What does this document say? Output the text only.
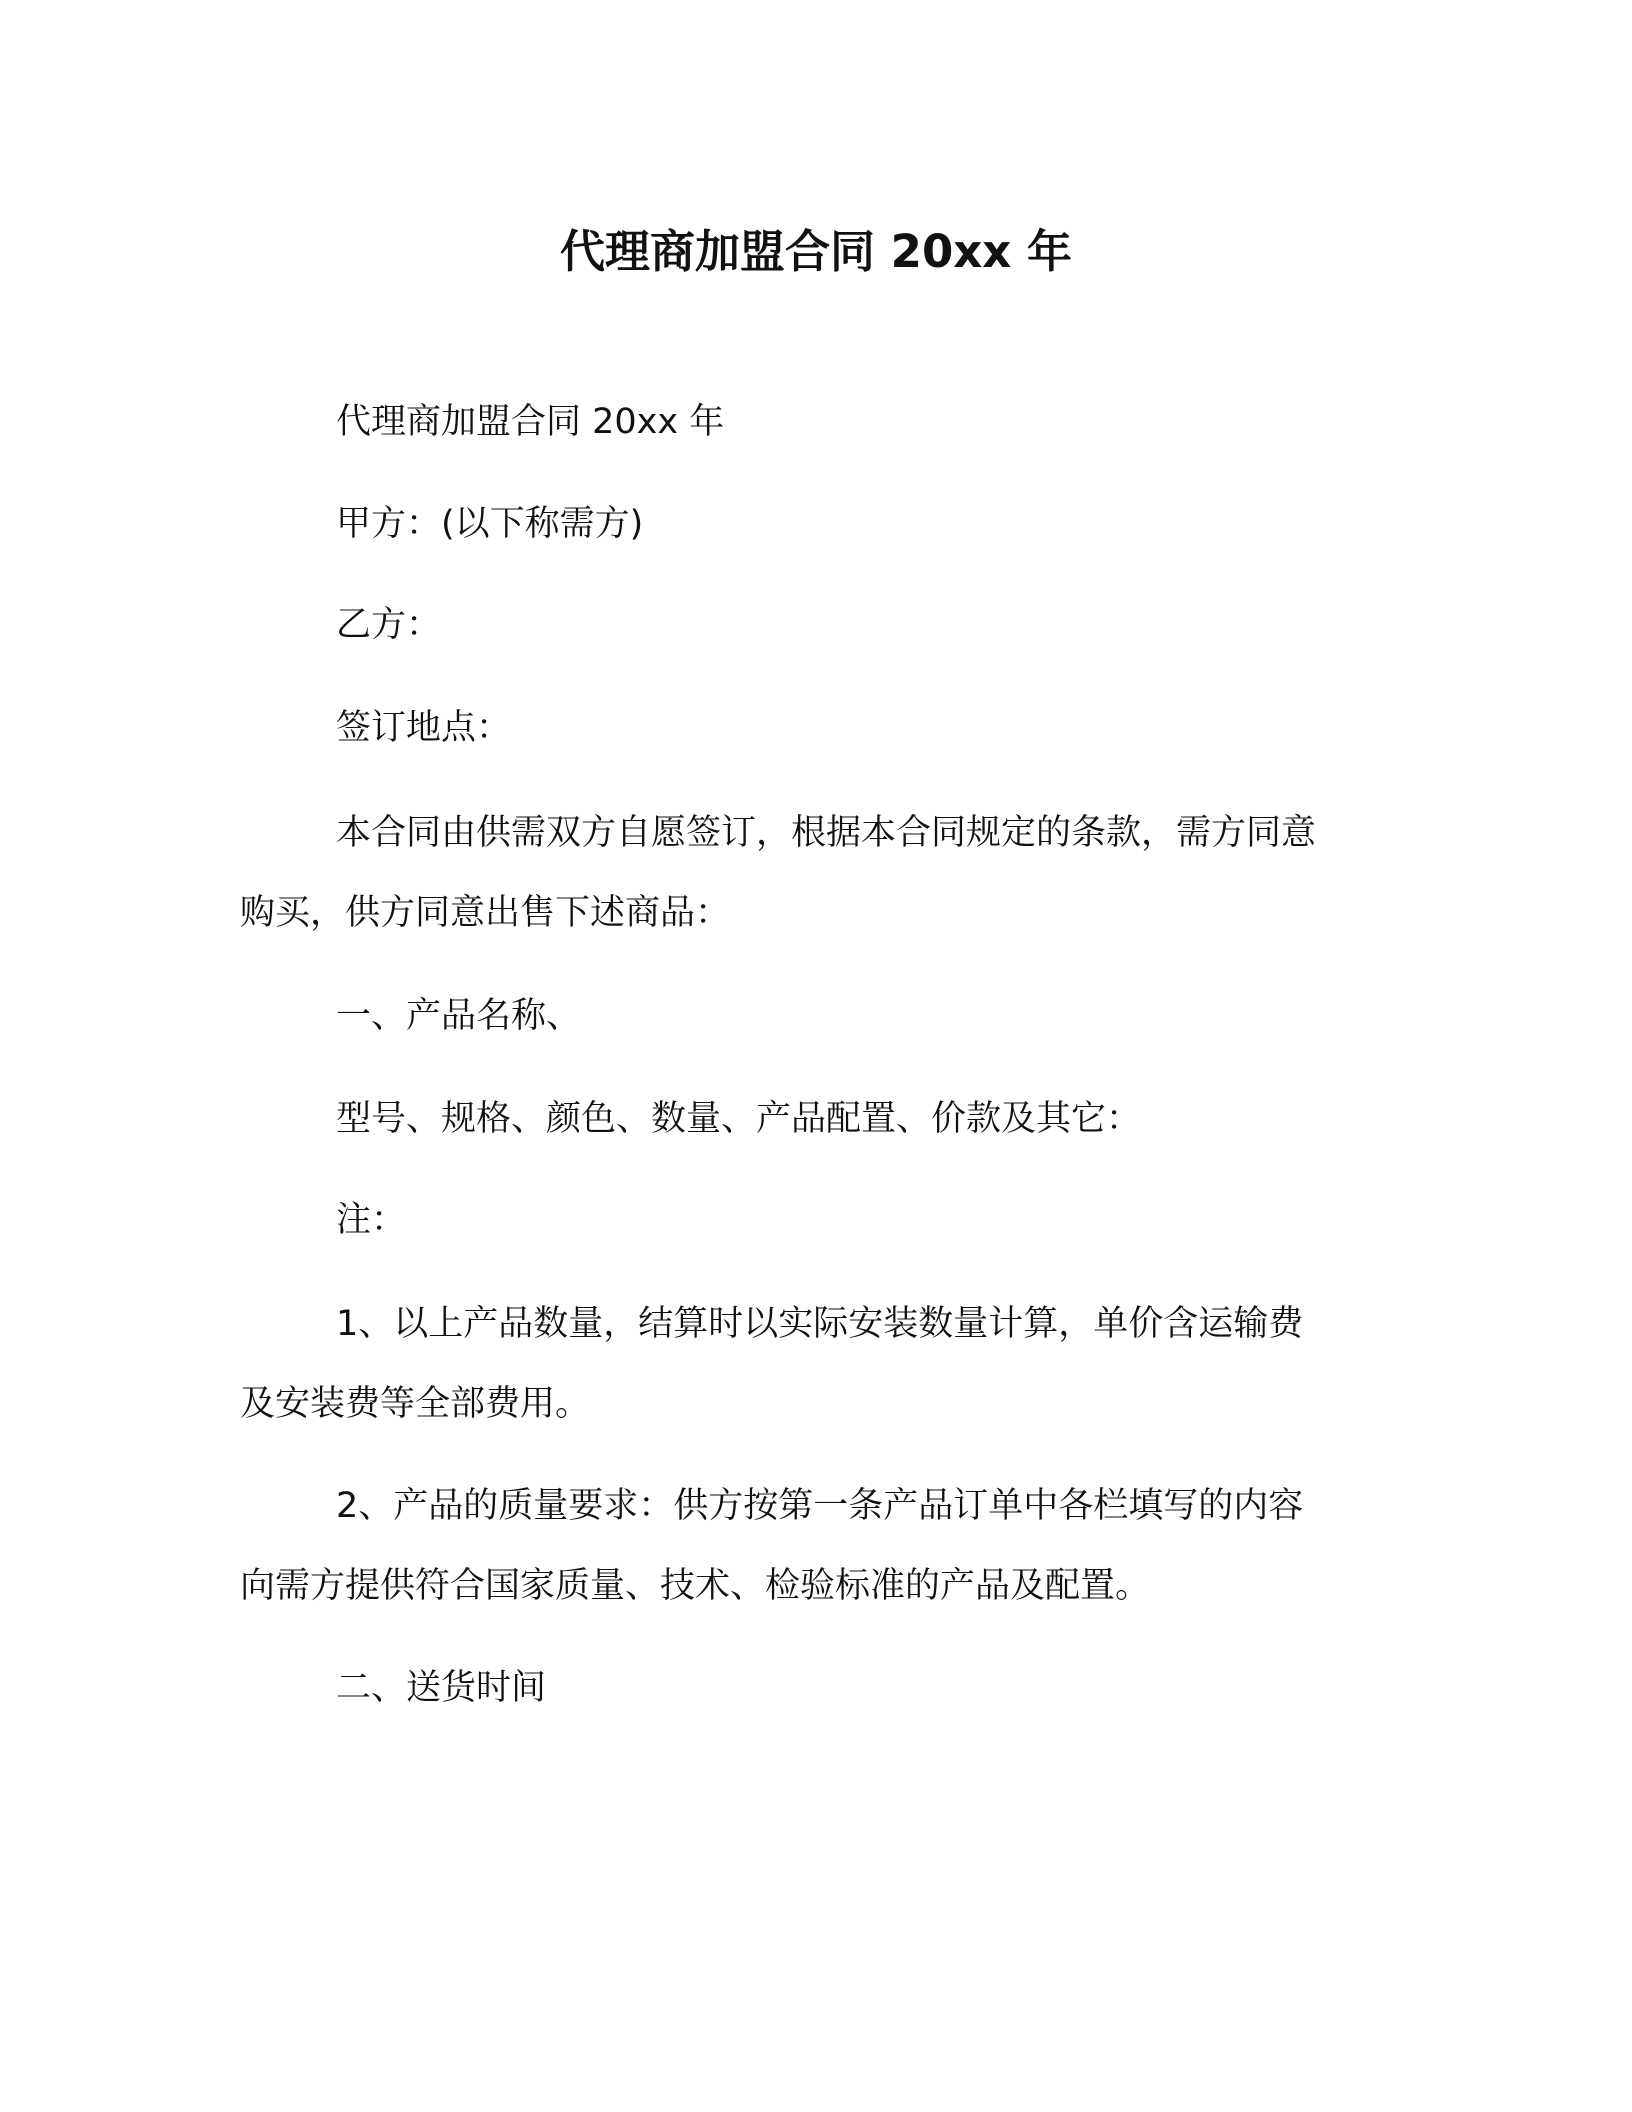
代理商加盟合同 20xx 年

代理商加盟合同 20xx 年

甲方：(以下称需方)

乙方：

签订地点：

本合同由供需双方自愿签订，根据本合同规定的条款，需方同意
购买，供方同意出售下述商品：

一、产品名称、

型号、规格、颜色、数量、产品配置、价款及其它：

注：

1、以上产品数量，结算时以实际安装数量计算，单价含运输费
及安装费等全部费用。

2、产品的质量要求：供方按第一条产品订单中各栏填写的内容
向需方提供符合国家质量、技术、检验标准的产品及配置。

二、送货时间
